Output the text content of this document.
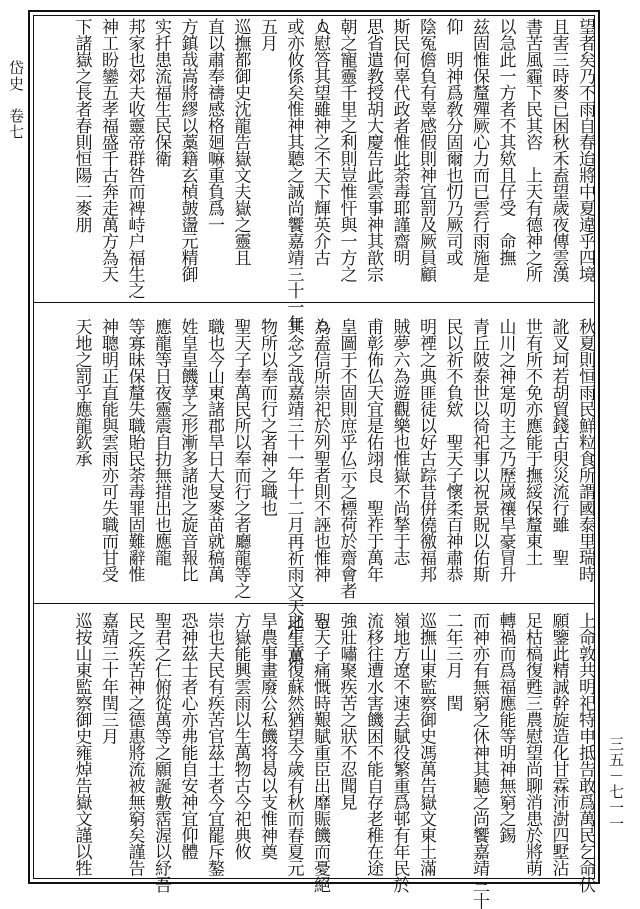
岱史　卷七
三五－七一一
望者矣乃不雨自春迨將中夏違乎四境
且害三時麥已困秋禾盍望歲夜傳雲漢
書苦風霾下民其咨　上天有德神之所
以急此一方者不其欸且仔受　命撫
兹固惟保釐殫厥心力而已雲行雨施是
仰　明神爲敎分固爾也忉乃厥司或
陰冤儋負有辜感假則神宜罰及厥員顧
斯民何辜代政者惟此荼毒耶謹齋明
思省遣教授胡大慶告此雲事神其歆宗
朝之寵靈千里之利則豈惟忓與一方之
人慰答其望雖神之不天下輝英介古
或亦攸係矣惟神其聽之誠尚饗嘉靖三十一年
五月
巡撫都御史沈龍告嶽文夫嶽之靈且
直以肅奉禱感格廻嘛重負爲一
方鎮哉嵩將繆以藁籍玄楨皷盪元精御
实扦患流福生民保衛
邦家也郊夫收靈帝群咎而裨峙户福生之
神工盼鑾五孝福盛千古奔走萬方為天
下諸嶽之長者春則恒陽二麥朋
秋夏則恒雨民鮮粒食所謂國泰里瑞時
訛叉坷若胡貿錢古臾災流行雖　聖
世有所不免亦應能于撫綏保釐東土
山川之神寔叨主之乃歷嵗禳旱豪冒升
青丘陂泰世以徛祀事以祝景貺以佑斯
民以祈不負欸　聖天子懷柔百神肅恭
明禋之典匪徒以好古踪昔倂僥徼福邦
賊夢六為遊觀樂也惟嶽不尚揫于志
甫彰佈仏天宜是佑翊良　聖祚于萬年
皇圖于不固則庶乎仏示之標荷於齋會者
為盍信所崇祀於列聖者則不誣也惟神
其念之哉嘉靖三十一年十二月再祈雨文天地生萬
物所以奉而行之者神之職也
聖天子奉萬民所以奉而行之者廳龍等之
職也今山東諸郡旱日大旻麥苗就稿萬
姓皇皇饑莩之形漸多諸池之旋音報比
應龍等日夜靈震自扐無措出也應龍
等寡昧保釐失職貽民荼毒罪固難辭惟
神聰明正直能與雲雨亦可失職而甘受
天地之罰乎應龍欽承
上命敦共明祀特申抵告敢爲萬民乞命伏
願鑒此精誠幹旋造化甘霖沛澍四墅沾
足枯槁復甦三農慰望尚聊消患於將萌
轉禍而爲福應能等明神無窮之錫
而神亦有無窮之休神其聽之尚饗嘉靖三十
二年三月　閏
巡撫山東監察御史馮萬告嶽文東土滿
嶺地方遼不速去賦役繁重爲邨有年民於
流移往遭水害饑困不能自存老稚在途
強壯嘯聚疾苦之狀不忍聞見
聖天子痛慨時艱賦重臣出靡賑饑而憂絕
之生意復蘇然猶望今歲有秋而春夏元
旱農事畫廢公私饑将曷以支惟神奠
方嶽能興雲雨以生萬物古今祀典攸
崇也夫民有疾苦官茲土者今宜罷斥鏊
恐神茲士者心亦弗能自安神宜仰體
聖君之仁俯從萬等之願誕敷霑渥以紓吾
民之疾苦神之德惠將流被無窮矣謹告
嘉靖三十年閏三月
巡按山東監察御史雍焯告嶽文謹以牲
